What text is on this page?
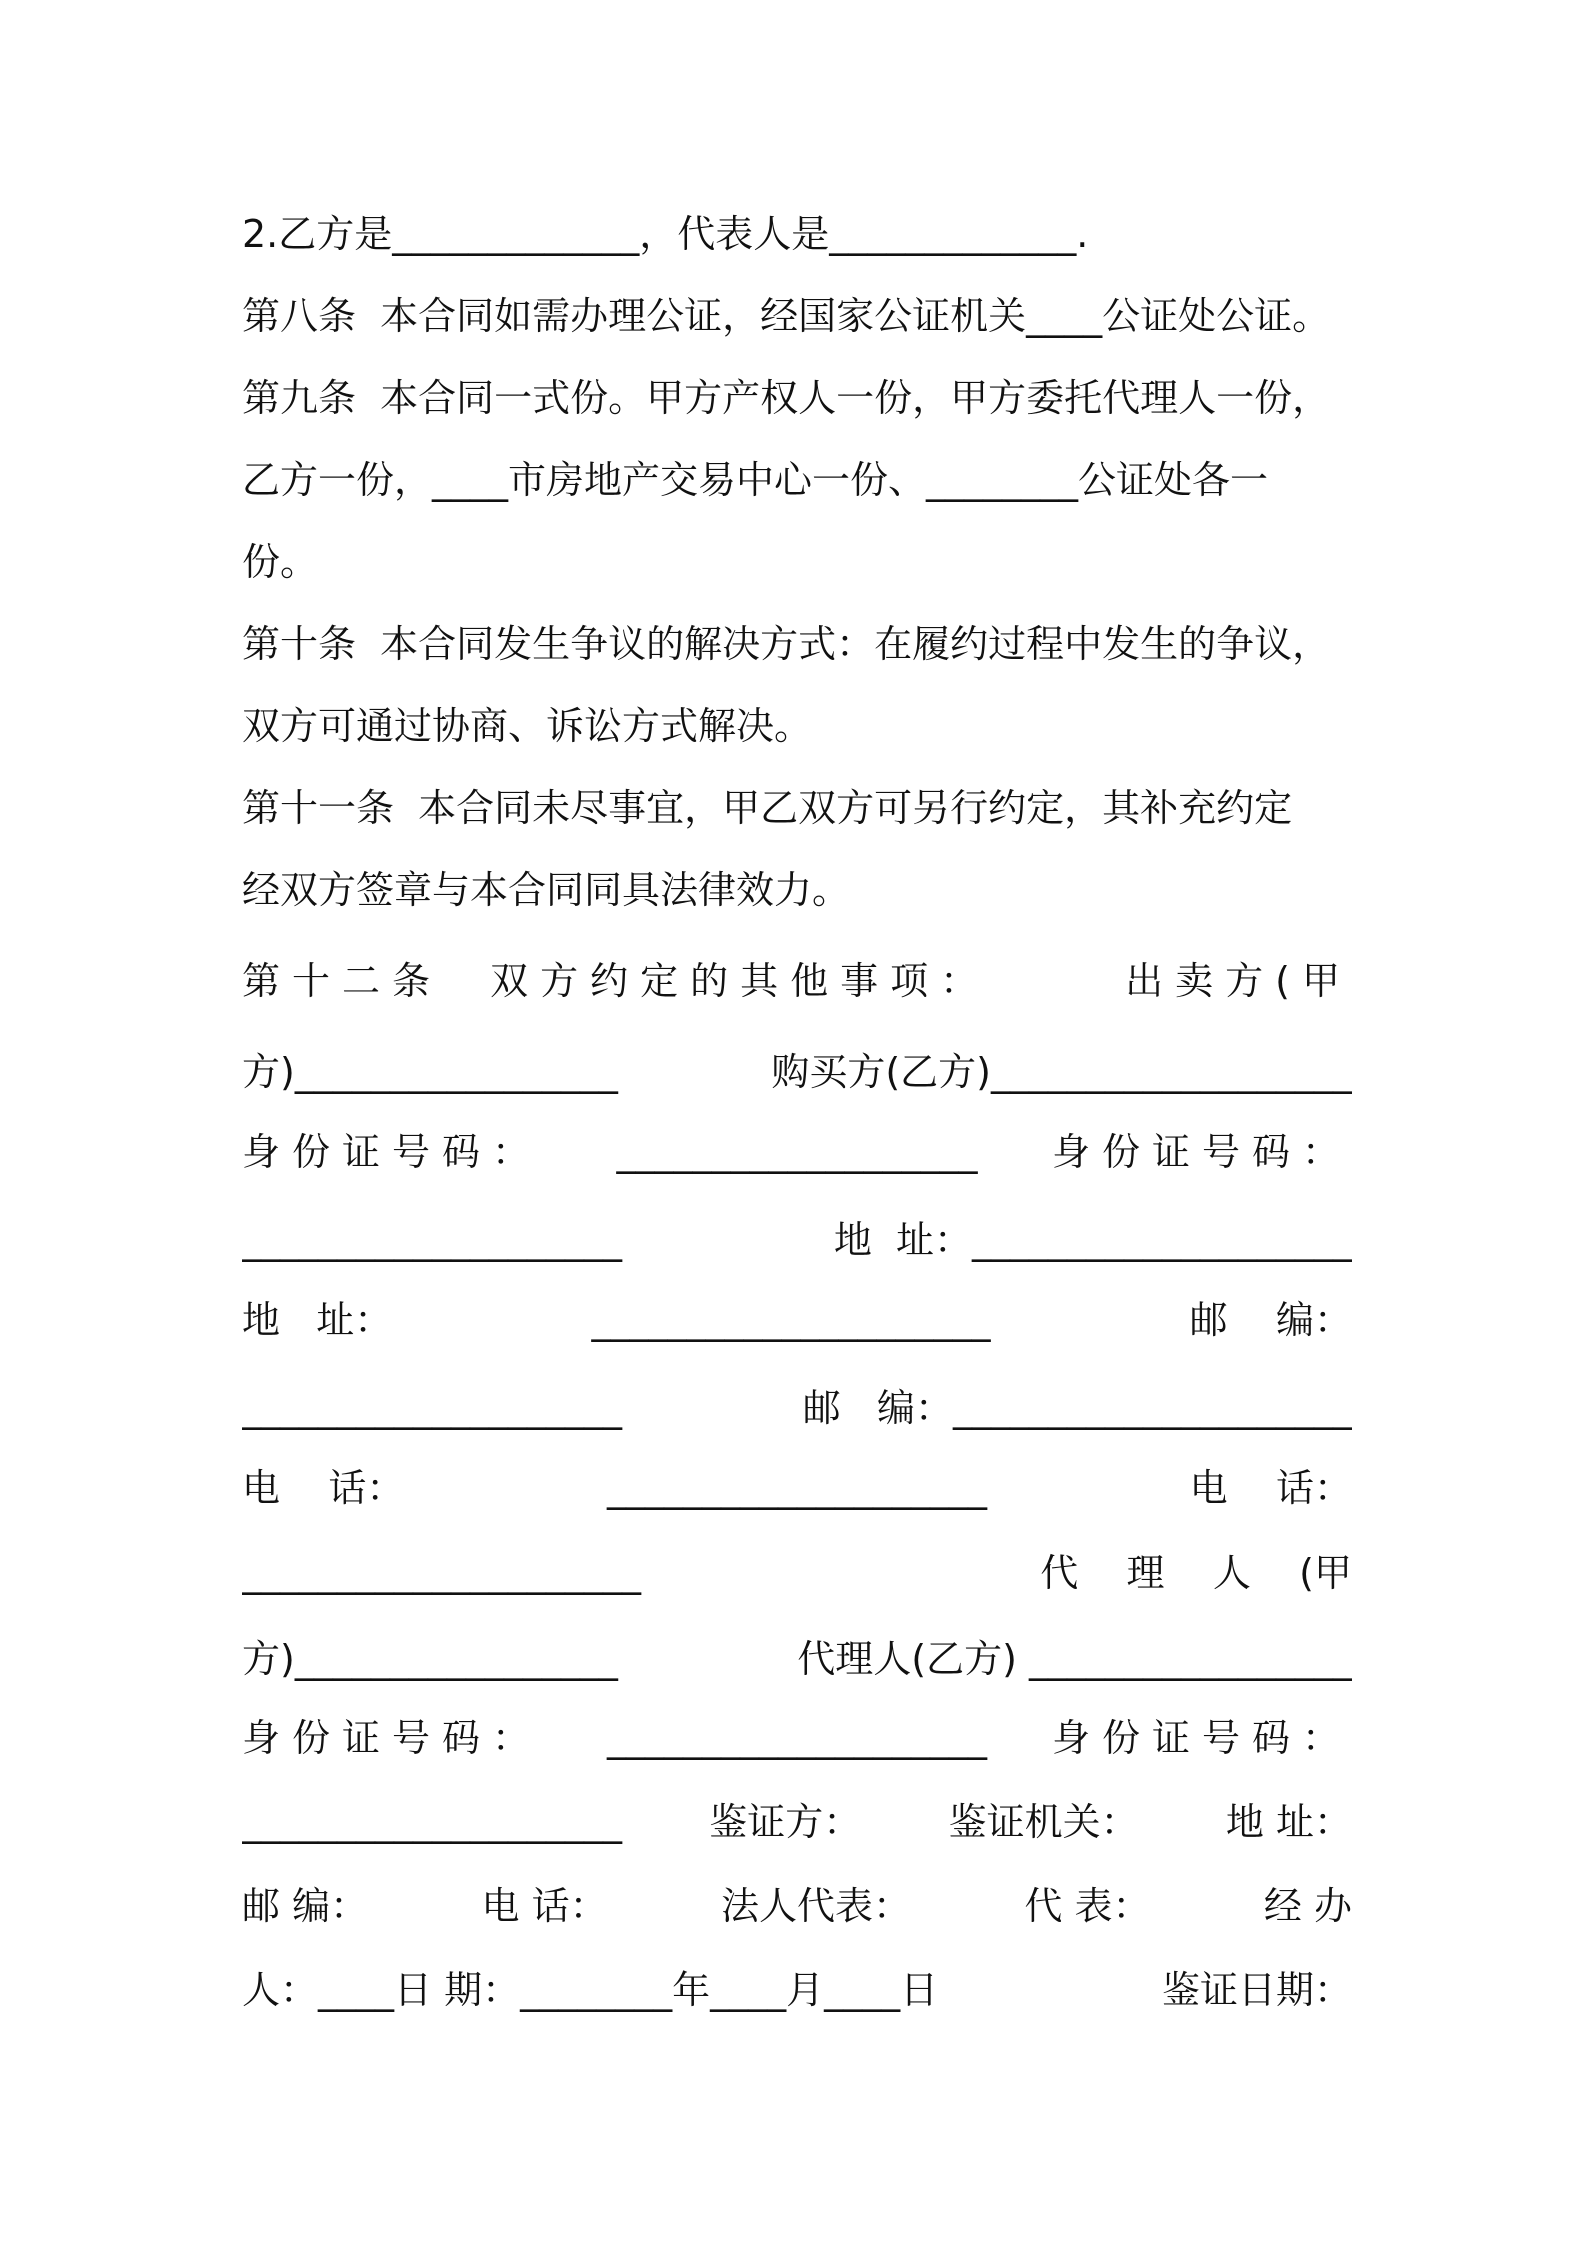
2.乙方是_____________，代表人是_____________.
第八条  本合同如需办理公证，经国家公证机关____公证处公证。
第九条  本合同一式份。甲方产权人一份，甲方委托代理人一份，
乙方一份，____市房地产交易中心一份、________公证处各一
份。
第十条  本合同发生争议的解决方式：在履约过程中发生的争议，
双方可通过协商、诉讼方式解决。
第十一条  本合同未尽事宜，甲乙双方可另行约定，其补充约定
经双方签章与本合同同具法律效力。
第十二条  双方约定的其他事项：	出卖方(甲
方)_________________	购买方(乙方)___________________
身份证号码： ___________________ 身份证号码：
____________________	地  址：____________________
地   址：	_____________________	邮    编：
____________________	邮   编：_____________________
电    话：	____________________	电    话：
_____________________	代    理    人    (甲
方)_________________	代理人(乙方) _________________
身份证号码： ____________________ 身份证号码：
____________________ 鉴证方： 鉴证机关： 地 址：
邮 编：	电 话：	法人代表：	代 表：	经 办
人：____日 期：________年____月____日	鉴证日期：
